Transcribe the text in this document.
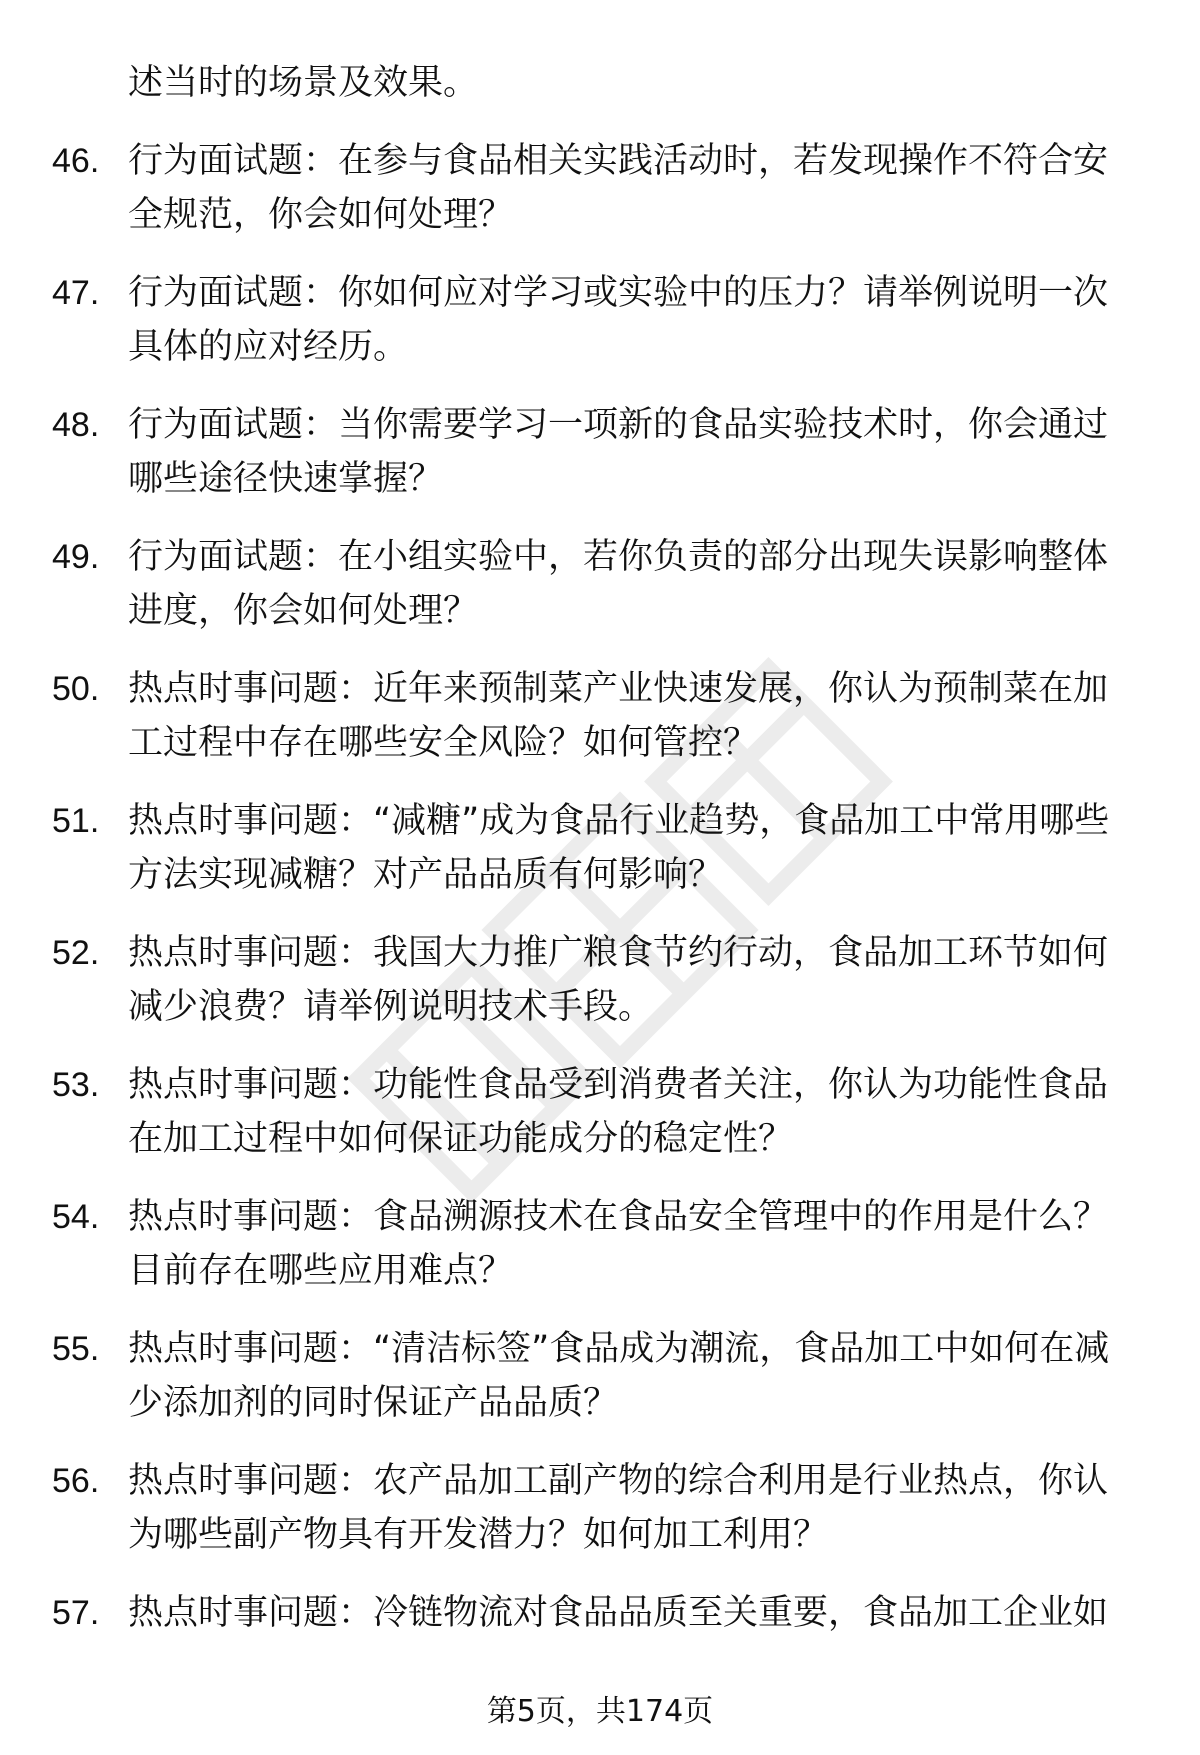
述当时的场景及效果。
46. 行为面试题：在参与食品相关实践活动时，若发现操作不符合安全规范，你会如何处理？
47. 行为面试题：你如何应对学习或实验中的压力？请举例说明一次具体的应对经历。
48. 行为面试题：当你需要学习一项新的食品实验技术时，你会通过哪些途径快速掌握？
49. 行为面试题：在小组实验中，若你负责的部分出现失误影响整体进度，你会如何处理？
50. 热点时事问题：近年来预制菜产业快速发展，你认为预制菜在加工过程中存在哪些安全风险？如何管控？
51. 热点时事问题：“减糖”成为食品行业趋势，食品加工中常用哪些方法实现减糖？对产品品质有何影响？
52. 热点时事问题：我国大力推广粮食节约行动，食品加工环节如何减少浪费？请举例说明技术手段。
53. 热点时事问题：功能性食品受到消费者关注，你认为功能性食品在加工过程中如何保证功能成分的稳定性？
54. 热点时事问题：食品溯源技术在食品安全管理中的作用是什么？目前存在哪些应用难点？
55. 热点时事问题：“清洁标签”食品成为潮流，食品加工中如何在减少添加剂的同时保证产品品质？
56. 热点时事问题：农产品加工副产物的综合利用是行业热点，你认为哪些副产物具有开发潜力？如何加工利用？
57. 热点时事问题：冷链物流对食品品质至关重要，食品加工企业如
第5页，共174页
